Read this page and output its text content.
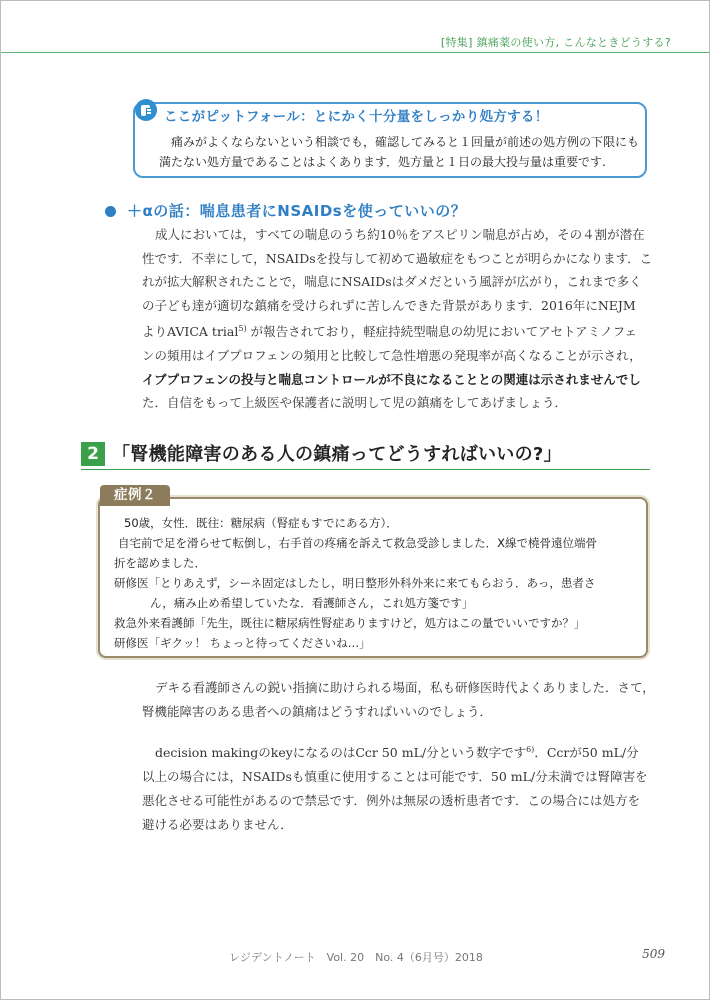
[特集] 鎮痛薬の使い方, こんなときどうする?
ここがピットフォール：とにかく十分量をしっかり処方する！
痛みがよくならないという相談でも，確認してみると１回量が前述の処方例の下限にも
満たない処方量であることはよくあります．処方量と１日の最大投与量は重要です.
＋αの話：喘息患者にNSAIDsを使っていいの？
成人においては，すべての喘息のうち約10％をアスピリン喘息が占め，その４割が潜在
性です．不幸にして，NSAIDsを投与して初めて過敏症をもつことが明らかになります．こ
れが拡大解釈されたことで，喘息にNSAIDsはダメだという風評が広がり，これまで多く
の子ども達が適切な鎮痛を受けられずに苦しんできた背景があります．2016年にNEJM
よりAVICA trial$^{5)}$ が報告されており，軽症持続型喘息の幼児においてアセトアミノフェ
ンの頻用はイブプロフェンの頻用と比較して急性増悪の発現率が高くなることが示され，
イブプロフェンの投与と喘息コントロールが不良になることとの関連は示されませんでし
た．自信をもって上級医や保護者に説明して児の鎮痛をしてあげましょう．
2 「腎機能障害のある人の鎮痛ってどうすればいいの?」
症例２
50歳，女性．既往：糖尿病（腎症もすでにある方）．
自宅前で足を滑らせて転倒し，右手首の疼痛を訴えて救急受診しました．X線で橈骨遠位端骨
折を認めました．
研修医「とりあえず，シーネ固定はしたし，明日整形外科外来に来てもらおう．あっ，患者さ
ん，痛み止め希望していたな．看護師さん，これ処方箋です」
救急外来看護師「先生，既往に糖尿病性腎症ありますけど，処方はこの量でいいですか？」
研修医「ギクッ！ ちょっと待ってくださいね…」
デキる看護師さんの鋭い指摘に助けられる場面，私も研修医時代よくありました．さて，
腎機能障害のある患者への鎮痛はどうすればいいのでしょう．
decision makingのkeyになるのはCcr 50 mL/分という数字です$^{6)}$．Ccrが50 mL/分
以上の場合には，NSAIDsも慎重に使用することは可能です．50 mL/分未満では腎障害を
悪化させる可能性があるので禁忌です．例外は無尿の透析患者です．この場合には処方を
避ける必要はありません．
レジデントノート　Vol. 20　No. 4（6月号）2018	509
